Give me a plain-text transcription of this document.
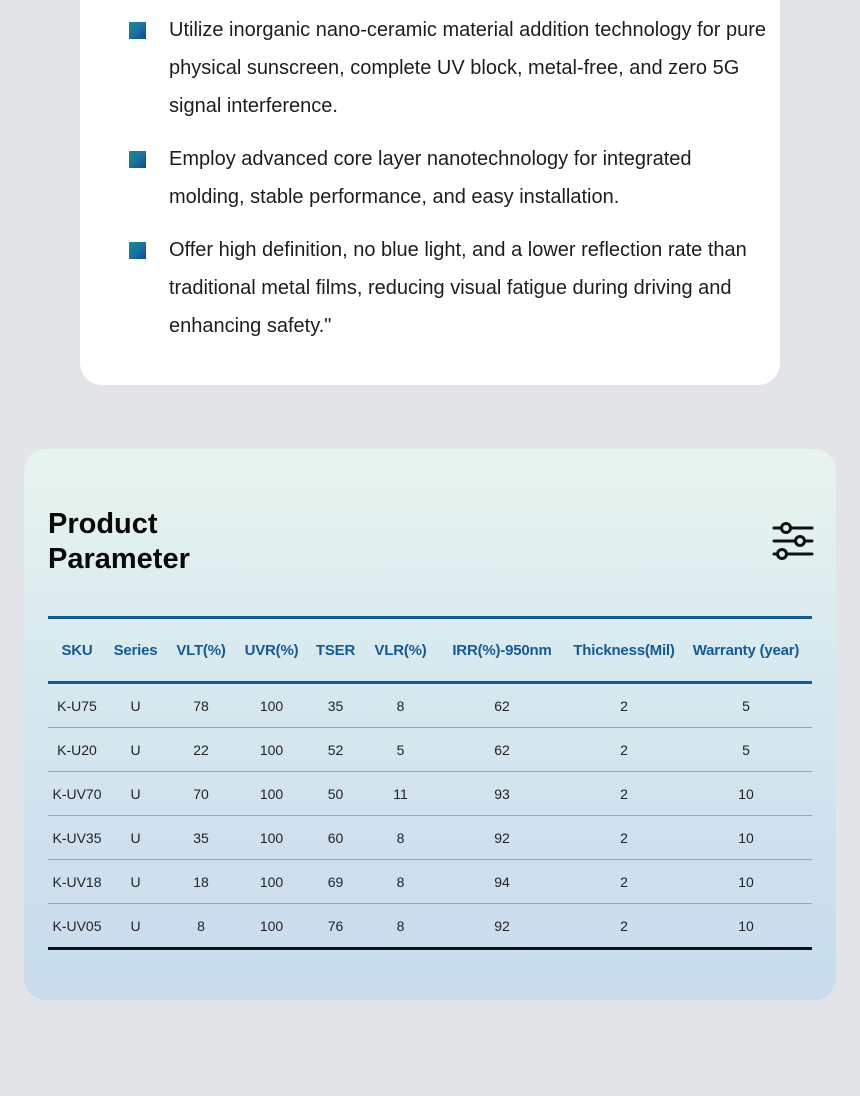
Utilize inorganic nano-ceramic material addition technology for pure physical sunscreen, complete UV block, metal-free, and zero 5G signal interference.
Employ advanced core layer nanotechnology for integrated molding, stable performance, and easy installation.
Offer high definition, no blue light, and a lower reflection rate than traditional metal films, reducing visual fatigue during driving and enhancing safety."
Product
Parameter
SKU	Series	VLT(%)	UVR(%)	TSER	VLR(%)	IRR(%)-950nm	Thickness(Mil)	Warranty (year)
K-U75	U	78	100	35	8	62	2	5
K-U20	U	22	100	52	5	62	2	5
K-UV70	U	70	100	50	11	93	2	10
K-UV35	U	35	100	60	8	92	2	10
K-UV18	U	18	100	69	8	94	2	10
K-UV05	U	8	100	76	8	92	2	10
